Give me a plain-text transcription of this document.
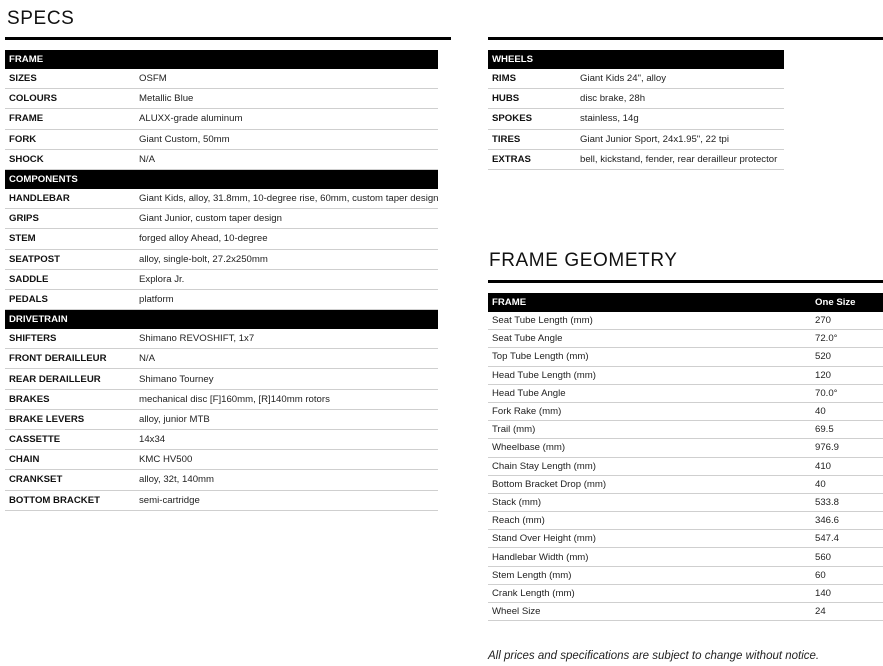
SPECS
FRAME	
SIZES	OSFM
COLOURS	Metallic Blue
FRAME	ALUXX-grade aluminum
FORK	Giant Custom, 50mm
SHOCK	N/A
COMPONENTS	
HANDLEBAR	Giant Kids, alloy, 31.8mm, 10-degree rise, 60mm, custom taper design
GRIPS	Giant Junior, custom taper design
STEM	forged alloy Ahead, 10-degree
SEATPOST	alloy, single-bolt, 27.2x250mm
SADDLE	Explora Jr.
PEDALS	platform
DRIVETRAIN	
SHIFTERS	Shimano REVOSHIFT, 1x7
FRONT DERAILLEUR	N/A
REAR DERAILLEUR	Shimano Tourney
BRAKES	mechanical disc [F]160mm, [R]140mm rotors
BRAKE LEVERS	alloy, junior MTB
CASSETTE	14x34
CHAIN	KMC HV500
CRANKSET	alloy, 32t, 140mm
BOTTOM BRACKET	semi-cartridge
WHEELS	
RIMS	Giant Kids 24", alloy
HUBS	disc brake, 28h
SPOKES	stainless, 14g
TIRES	Giant Junior Sport, 24x1.95", 22 tpi
EXTRAS	bell, kickstand, fender, rear derailleur protector
FRAME GEOMETRY
FRAME	One Size
Seat Tube Length (mm)	270
Seat Tube Angle	72.0°
Top Tube Length (mm)	520
Head Tube Length (mm)	120
Head Tube Angle	70.0°
Fork Rake (mm)	40
Trail (mm)	69.5
Wheelbase (mm)	976.9
Chain Stay Length (mm)	410
Bottom Bracket Drop (mm)	40
Stack (mm)	533.8
Reach (mm)	346.6
Stand Over Height (mm)	547.4
Handlebar Width (mm)	560
Stem Length (mm)	60
Crank Length (mm)	140
Wheel Size	24
All prices and specifications are subject to change without notice.
